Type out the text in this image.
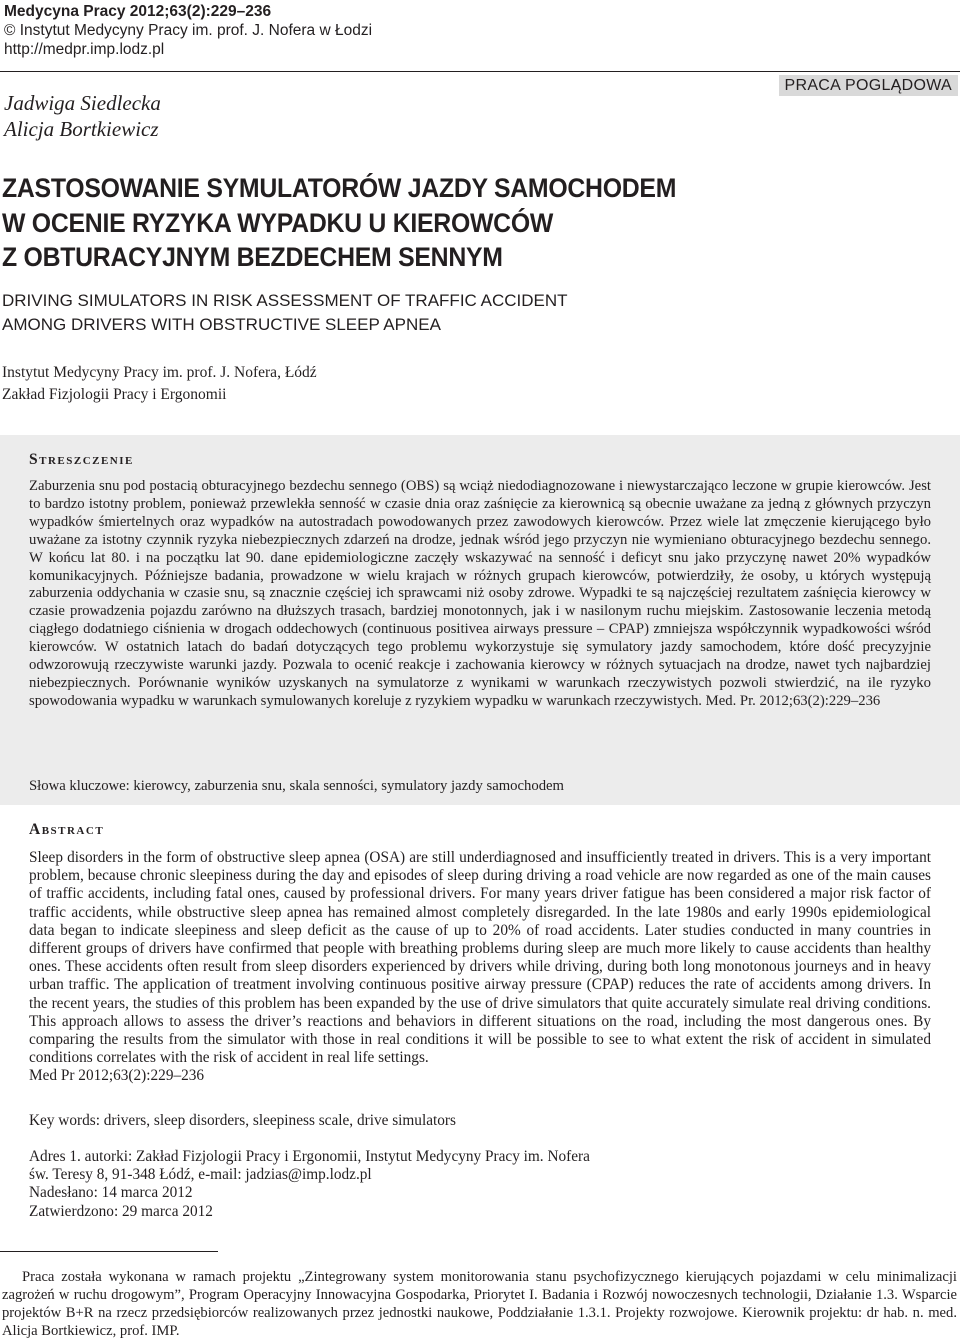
Medycyna Pracy 2012;63(2):229–236
© Instytut Medycyny Pracy im. prof. J. Nofera w Łodzi
http://medpr.imp.lodz.pl
Jadwiga Siedlecka
Alicja Bortkiewicz
PRACA POGLĄDOWA
ZASTOSOWANIE SYMULATORÓW JAZDY SAMOCHODEM
W OCENIE RYZYKA WYPADKU U KIEROWCÓW
Z OBTURACYJNYM BEZDECHEM SENNYM
DRIVING SIMULATORS IN RISK ASSESSMENT OF TRAFFIC ACCIDENT
AMONG DRIVERS WITH OBSTRUCTIVE SLEEP APNEA
Instytut Medycyny Pracy im. prof. J. Nofera, Łódź
Zakład Fizjologii Pracy i Ergonomii
Streszczenie
Zaburzenia snu pod postacią obturacyjnego bezdechu sennego (OBS) są wciąż niedodiagnozowane i niewystarczająco leczone w grupie kierowców. Jest to bardzo istotny problem, ponieważ przewlekła senność w czasie dnia oraz zaśnięcie za kierownicą są obecnie uważane za jedną z głównych przyczyn wypadków śmiertelnych oraz wypadków na autostradach powodowanych przez zawodowych kierowców. Przez wiele lat zmęczenie kierującego było uważane za istotny czynnik ryzyka niebezpiecznych zdarzeń na drodze, jednak wśród jego przyczyn nie wymieniano obturacyjnego bezdechu sennego. W końcu lat 80. i na początku lat 90. dane epidemiologiczne zaczęły wskazywać na senność i deficyt snu jako przyczynę nawet 20% wypadków komunikacyjnych. Późniejsze badania, prowadzone w wielu krajach w różnych grupach kierowców, potwierdziły, że osoby, u których występują zaburzenia oddychania w czasie snu, są znacznie częściej ich sprawcami niż osoby zdrowe. Wypadki te są najczęściej rezultatem zaśnięcia kierowcy w czasie prowadzenia pojazdu zarówno na dłuższych trasach, bardziej monotonnych, jak i w nasilonym ruchu miejskim. Zastosowanie leczenia metodą ciągłego dodatniego ciśnienia w drogach oddechowych (continuous positivea airways pressure – CPAP) zmniejsza współczynnik wypadkowości wśród kierowców. W ostatnich latach do badań dotyczących tego problemu wykorzystuje się symulatory jazdy samochodem, które dość precyzyjnie odwzorowują rzeczywiste warunki jazdy. Pozwala to ocenić reakcje i zachowania kierowcy w różnych sytuacjach na drodze, nawet tych najbardziej niebezpiecznych. Porównanie wyników uzyskanych na symulatorze z wynikami w warunkach rzeczywistych pozwoli stwierdzić, na ile ryzyko spowodowania wypadku w warunkach symulowanych koreluje z ryzykiem wypadku w warunkach rzeczywistych. Med. Pr. 2012;63(2):229–236
Słowa kluczowe: kierowcy, zaburzenia snu, skala senności, symulatory jazdy samochodem
Abstract
Sleep disorders in the form of obstructive sleep apnea (OSA) are still underdiagnosed and insufficiently treated in drivers. This is a very important problem, because chronic sleepiness during the day and episodes of sleep during driving a road vehicle are now regarded as one of the main causes of traffic accidents, including fatal ones, caused by professional drivers. For many years driver fatigue has been considered a major risk factor of traffic accidents, while obstructive sleep apnea has remained almost completely disregarded. In the late 1980s and early 1990s epidemiological data began to indicate sleepiness and sleep deficit as the cause of up to 20% of road accidents. Later studies conducted in many countries in different groups of drivers have confirmed that people with breathing problems during sleep are much more likely to cause accidents than healthy ones. These accidents often result from sleep disorders experienced by drivers while driving, during both long monotonous journeys and in heavy urban traffic. The application of treatment involving continuous positive airway pressure (CPAP) reduces the rate of accidents among drivers. In the recent years, the studies of this problem has been expanded by the use of drive simulators that quite accurately simulate real driving conditions. This approach allows to assess the driver’s reactions and behaviors in different situations on the road, including the most dangerous ones. By comparing the results from the simulator with those in real conditions it will be possible to see to what extent the risk of accident in simulated conditions correlates with the risk of accident in real life settings.
Med Pr 2012;63(2):229–236
Key words: drivers, sleep disorders, sleepiness scale, drive simulators
Adres 1. autorki: Zakład Fizjologii Pracy i Ergonomii, Instytut Medycyny Pracy im. Nofera
św. Teresy 8, 91-348 Łódź, e-mail: jadzias@imp.lodz.pl
Nadesłano: 14 marca 2012
Zatwierdzono: 29 marca 2012
Praca została wykonana w ramach projektu „Zintegrowany system monitorowania stanu psychofizycznego kierujących pojazdami w celu minimalizacji zagrożeń w ruchu drogowym”, Program Operacyjny Innowacyjna Gospodarka, Priorytet I. Badania i Rozwój nowoczesnych technologii, Działanie 1.3. Wsparcie projektów B+R na rzecz przedsiębiorców realizowanych przez jednostki naukowe, Poddziałanie 1.3.1. Projekty rozwojowe. Kierownik projektu: dr hab. n. med. Alicja Bortkiewicz, prof. IMP.
